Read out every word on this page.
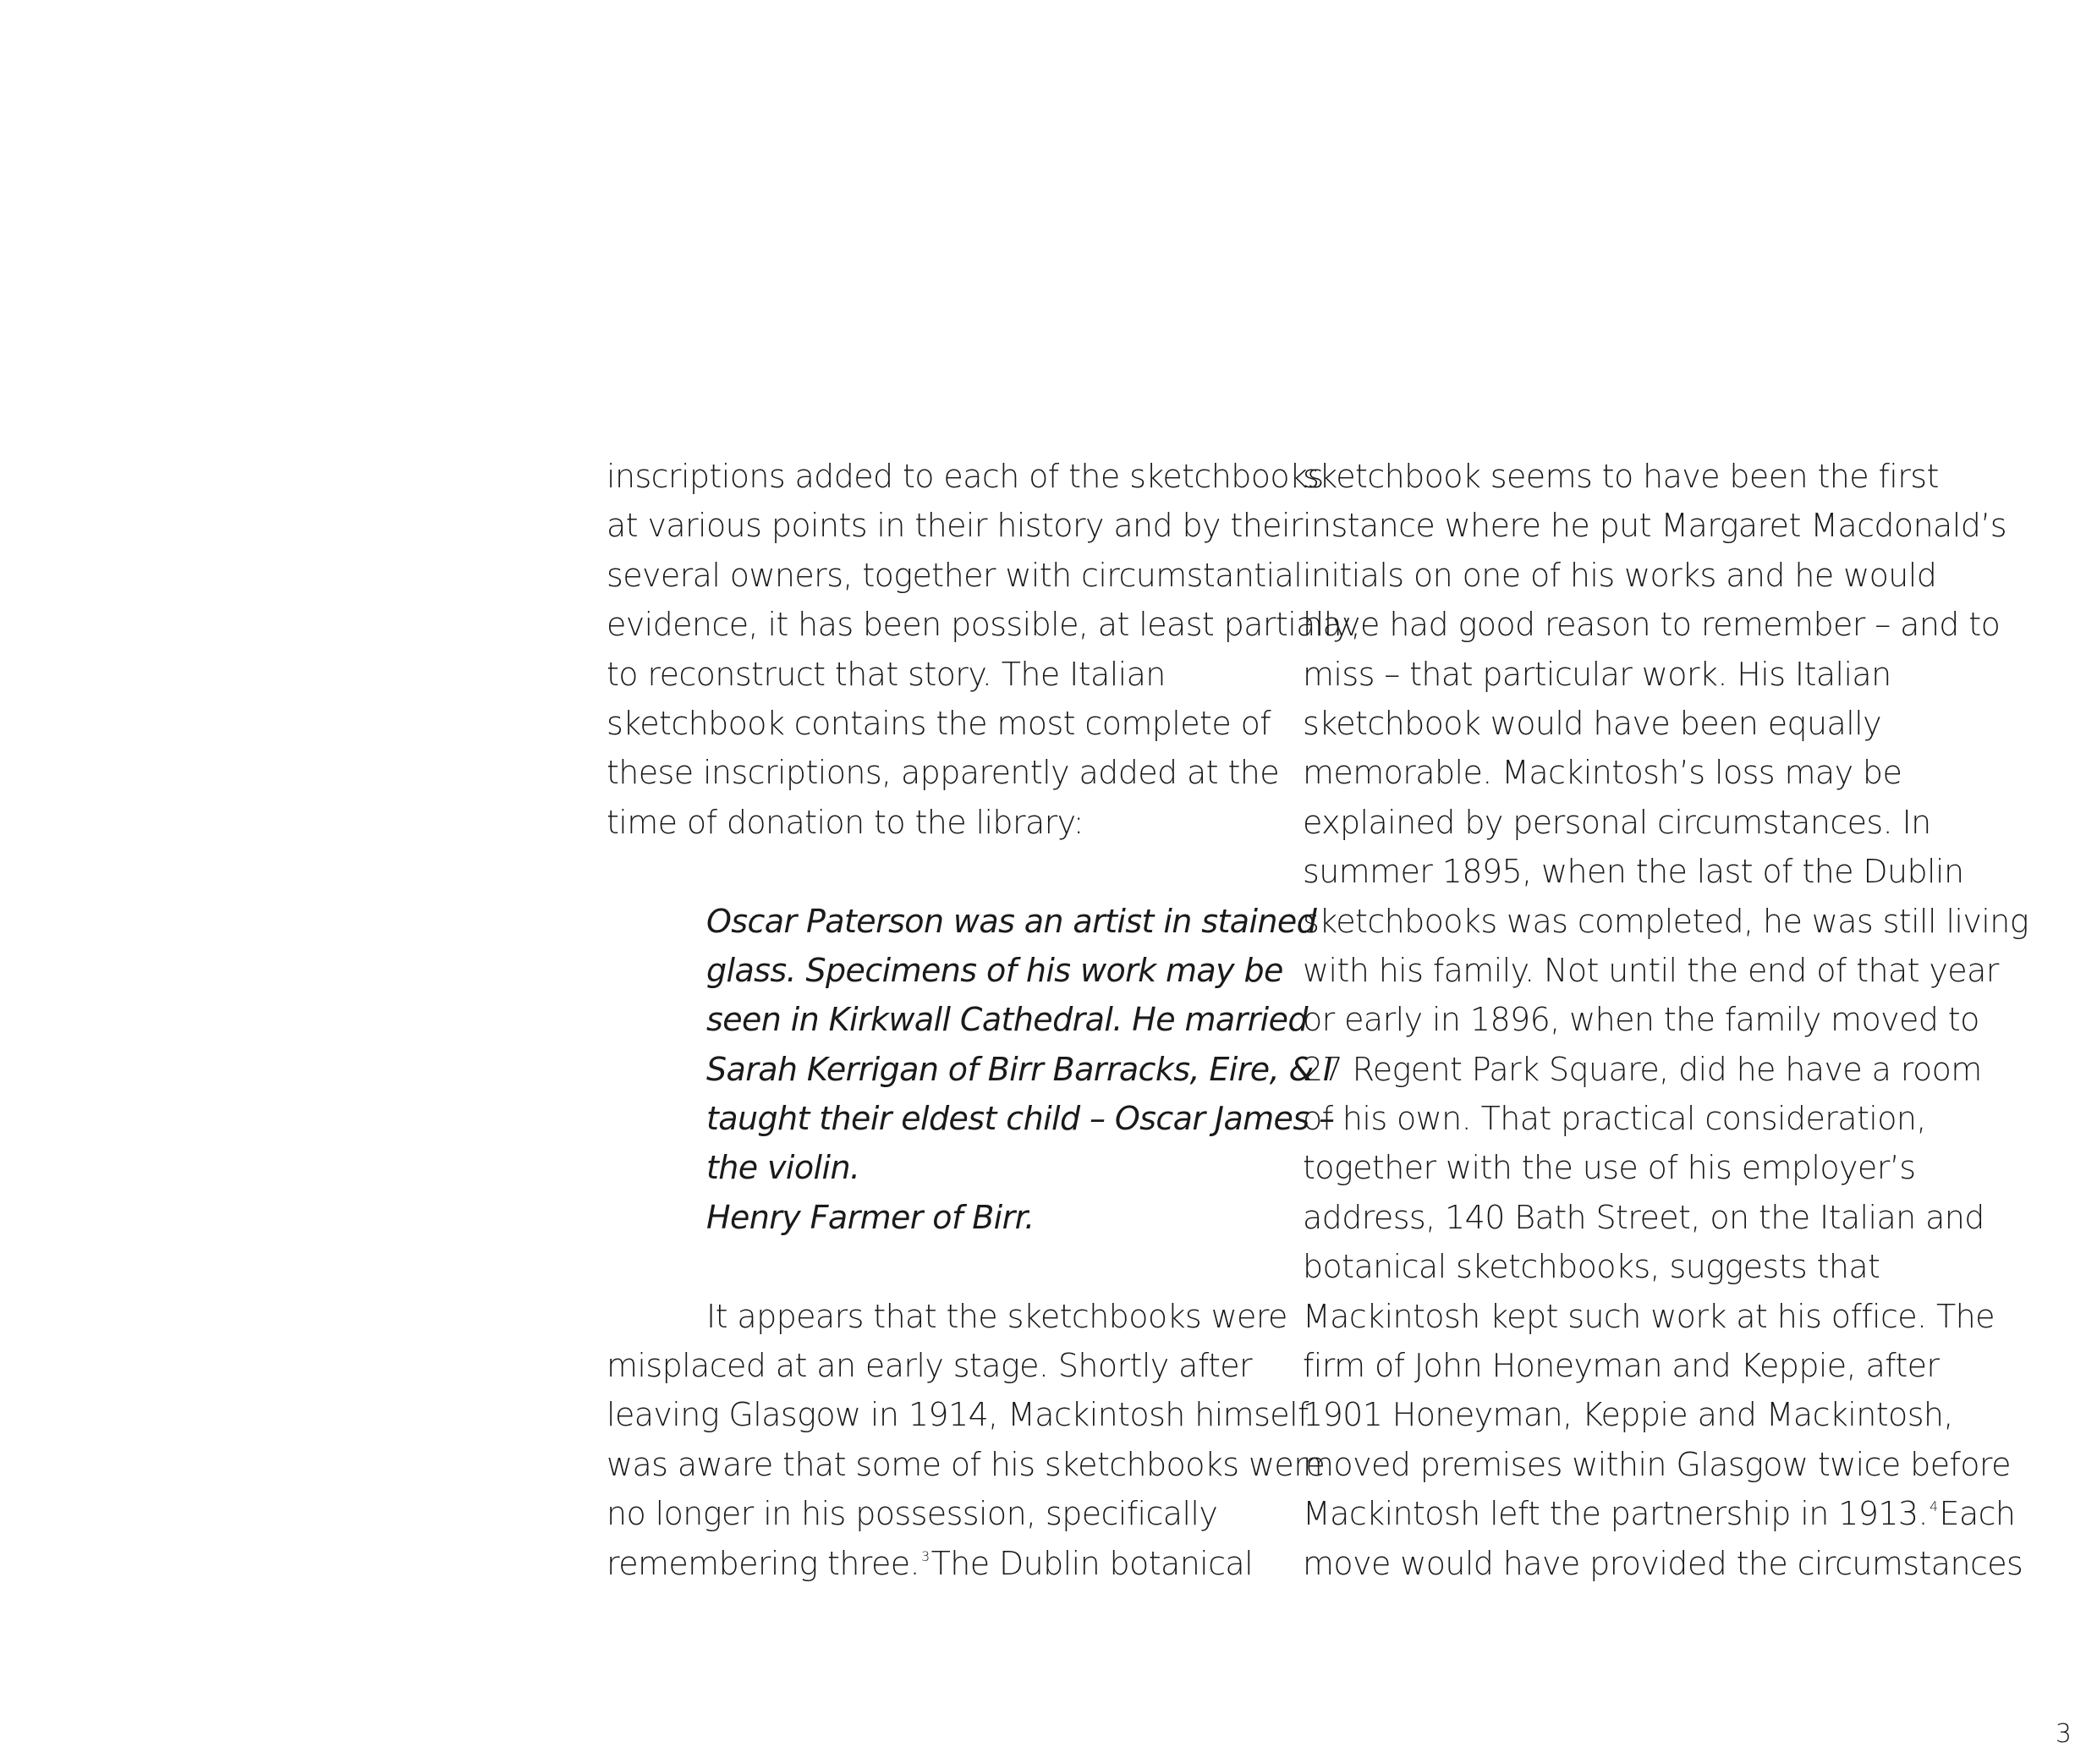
inscriptions added to each of the sketchbooks
at various points in their history and by their
several owners, together with circumstantial
evidence, it has been possible, at least partially,
to reconstruct that story. The Italian
sketchbook contains the most complete of
these inscriptions, apparently added at the
time of donation to the library:
Oscar Paterson was an artist in stained
glass. Specimens of his work may be
seen in Kirkwall Cathedral. He married
Sarah Kerrigan of Birr Barracks, Eire, & I
taught their eldest child – Oscar James –
the violin.
Henry Farmer of Birr.
It appears that the sketchbooks were
misplaced at an early stage. Shortly after
leaving Glasgow in 1914, Mackintosh himself
was aware that some of his sketchbooks were
no longer in his possession, specifically
remembering three. $^3$The Dublin botanical
sketchbook seems to have been the first
instance where he put Margaret Macdonald’s
initials on one of his works and he would
have had good reason to remember – and to
miss – that particular work. His Italian
sketchbook would have been equally
memorable. Mackintosh’s loss may be
explained by personal circumstances. In
summer 1895, when the last of the Dublin
sketchbooks was completed, he was still living
with his family. Not until the end of that year
or early in 1896, when the family moved to
27 Regent Park Square, did he have a room
of his own. That practical consideration,
together with the use of his employer’s
address, 140 Bath Street, on the Italian and
botanical sketchbooks, suggests that
Mackintosh kept such work at his office. The
firm of John Honeyman and Keppie, after
1901 Honeyman, Keppie and Mackintosh,
moved premises within Glasgow twice before
Mackintosh left the partnership in 1913. $^4$Each
move would have provided the circumstances
3
